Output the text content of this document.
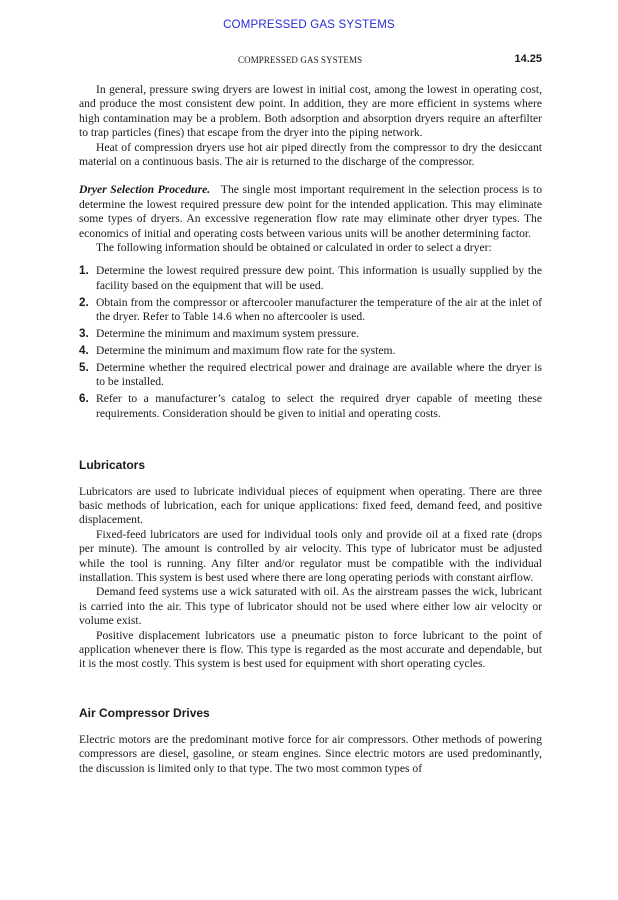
COMPRESSED GAS SYSTEMS
COMPRESSED GAS SYSTEMS	14.25

In general, pressure swing dryers are lowest in initial cost, among the lowest in operating cost, and produce the most consistent dew point. In addition, they are more efficient in systems where high contamination may be a problem. Both adsorption and absorption dryers require an afterfilter to trap particles (fines) that escape from the dryer into the piping network.

Heat of compression dryers use hot air piped directly from the compressor to dry the desiccant material on a continuous basis. The air is returned to the discharge of the compressor.

Dryer Selection Procedure. The single most important requirement in the selection process is to determine the lowest required pressure dew point for the intended application. This may eliminate some types of dryers. An excessive regeneration flow rate may eliminate other dryer types. The economics of initial and operating costs between various units will be another determining factor.

The following information should be obtained or calculated in order to select a dryer:

1. Determine the lowest required pressure dew point. This information is usually supplied by the facility based on the equipment that will be used.
2. Obtain from the compressor or aftercooler manufacturer the temperature of the air at the inlet of the dryer. Refer to Table 14.6 when no aftercooler is used.
3. Determine the minimum and maximum system pressure.
4. Determine the minimum and maximum flow rate for the system.
5. Determine whether the required electrical power and drainage are available where the dryer is to be installed.
6. Refer to a manufacturer’s catalog to select the required dryer capable of meeting these requirements. Consideration should be given to initial and operating costs.
Lubricators

Lubricators are used to lubricate individual pieces of equipment when operating. There are three basic methods of lubrication, each for unique applications: fixed feed, demand feed, and positive displacement.

Fixed-feed lubricators are used for individual tools only and provide oil at a fixed rate (drops per minute). The amount is controlled by air velocity. This type of lubricator must be adjusted while the tool is running. Any filter and/or regulator must be compatible with the individual installation. This system is best used where there are long operating periods with constant airflow.

Demand feed systems use a wick saturated with oil. As the airstream passes the wick, lubricant is carried into the air. This type of lubricator should not be used where either low air velocity or volume exist.

Positive displacement lubricators use a pneumatic piston to force lubricant to the point of application whenever there is flow. This type is regarded as the most accurate and dependable, but it is the most costly. This system is best used for equipment with short operating cycles.

Air Compressor Drives

Electric motors are the predominant motive force for air compressors. Other methods of powering compressors are diesel, gasoline, or steam engines. Since electric motors are used predominantly, the discussion is limited only to that type. The two most common types of
